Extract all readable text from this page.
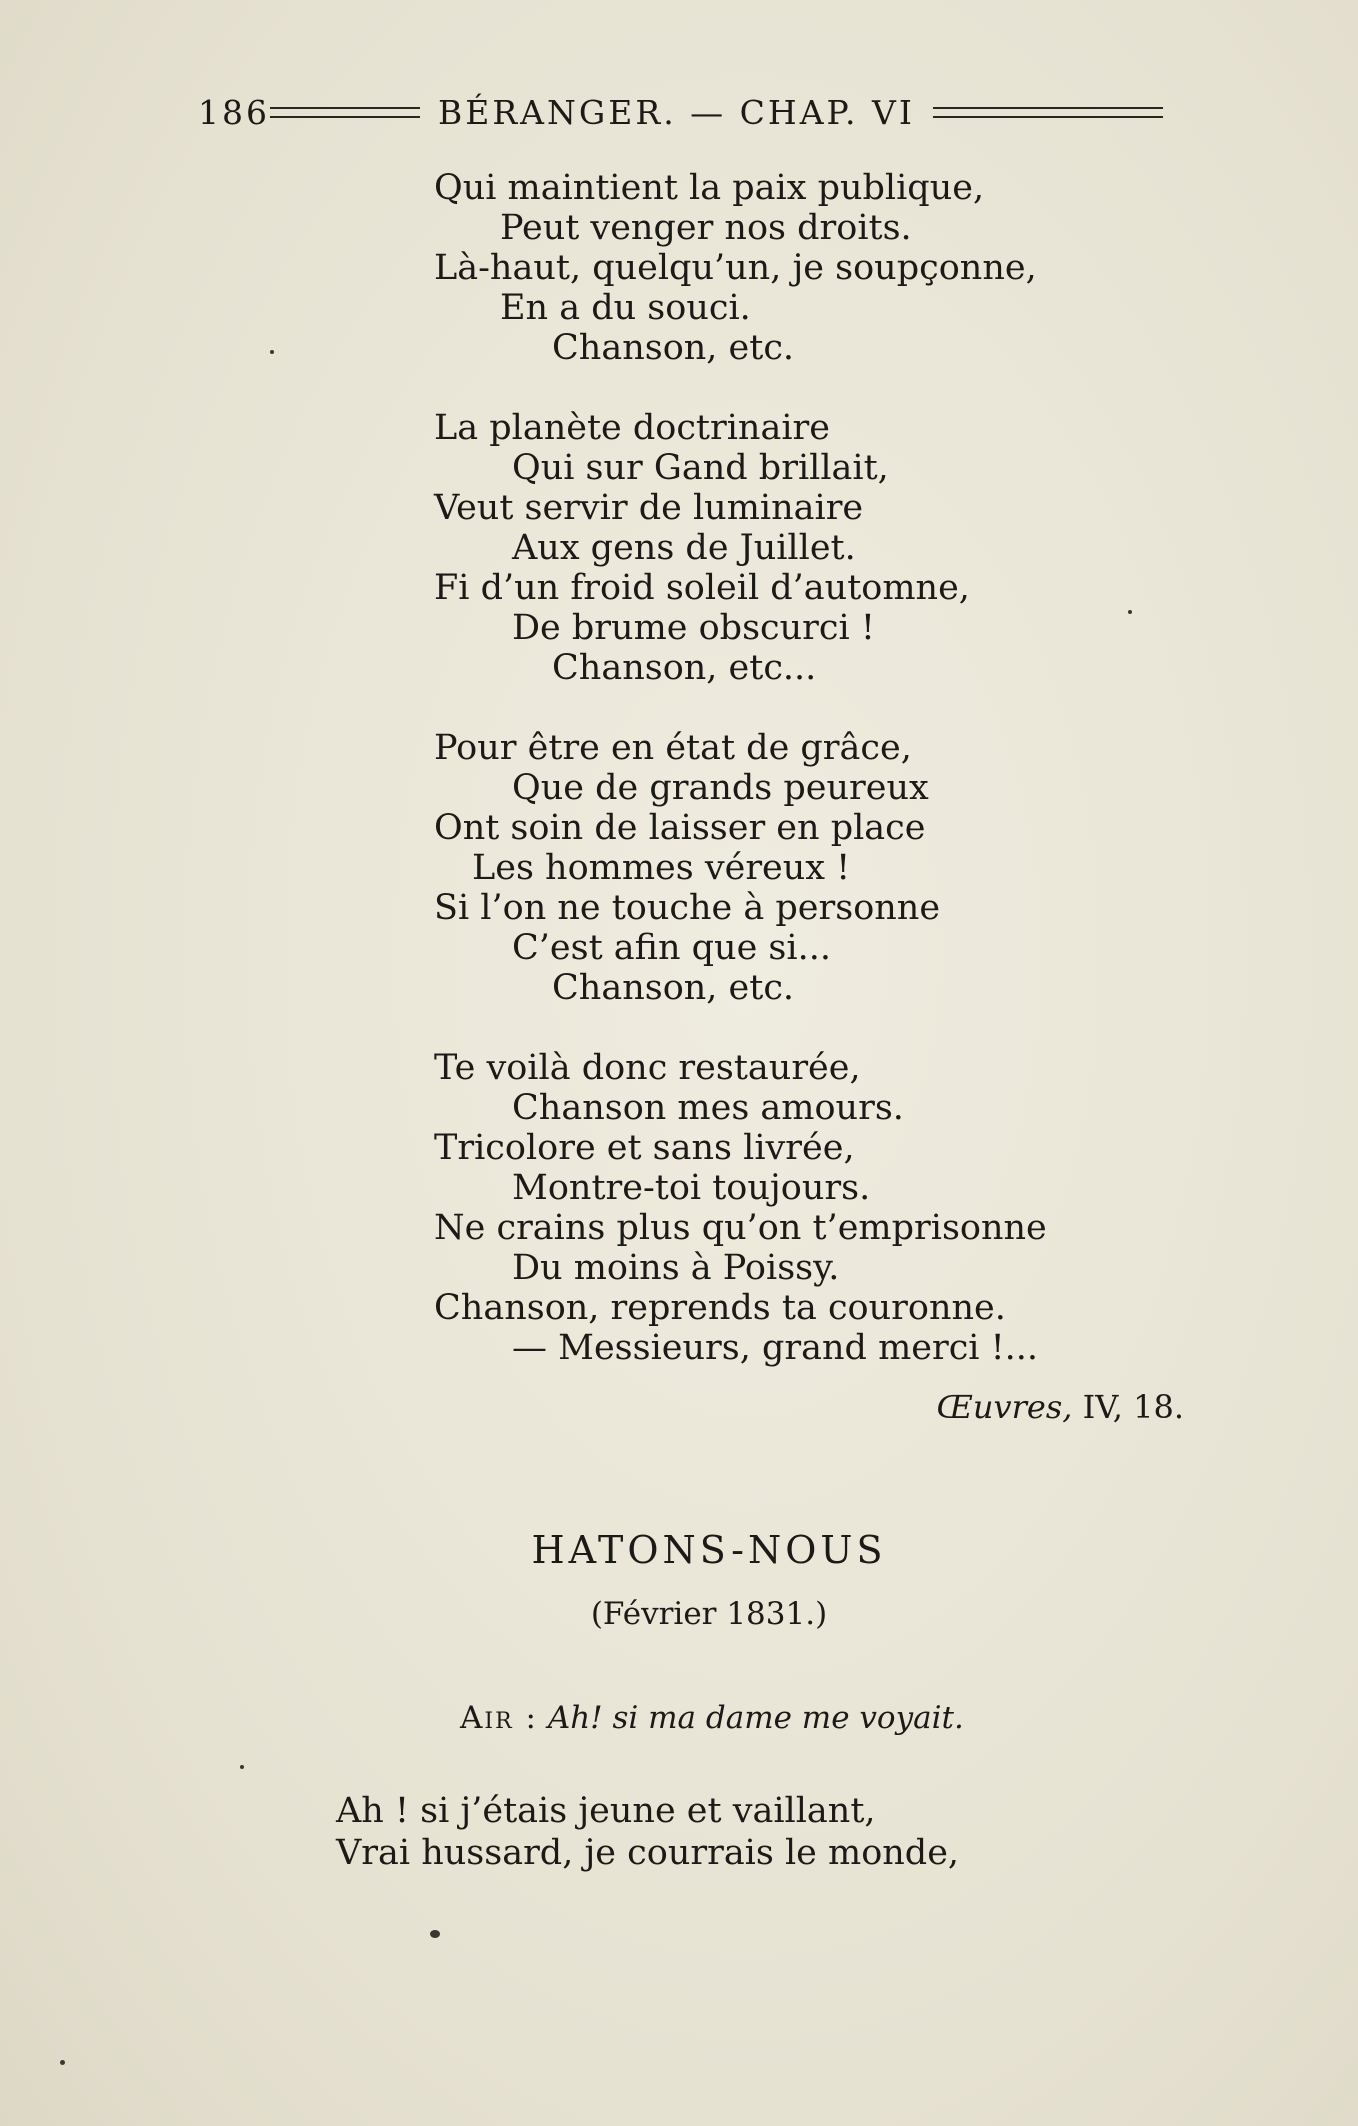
186	BÉRANGER. — CHAP. VI
Qui maintient la paix publique,
Peut venger nos droits.
Là-haut, quelqu’un, je soupçonne,
En a du souci.
Chanson, etc.
La planète doctrinaire
Qui sur Gand brillait,
Veut servir de luminaire
Aux gens de Juillet.
Fi d’un froid soleil d’automne,
De brume obscurci !
Chanson, etc...
Pour être en état de grâce,
Que de grands peureux
Ont soin de laisser en place
Les hommes véreux !
Si l’on ne touche à personne
C’est afin que si...
Chanson, etc.
Te voilà donc restaurée,
Chanson mes amours.
Tricolore et sans livrée,
Montre-toi toujours.
Ne crains plus qu’on t’emprisonne
Du moins à Poissy.
Chanson, reprends ta couronne.
— Messieurs, grand merci !...
Œuvres, IV, 18.
HATONS-NOUS
(Février 1831.)
Air : Ah! si ma dame me voyait.
Ah ! si j’étais jeune et vaillant,
Vrai hussard, je courrais le monde,
